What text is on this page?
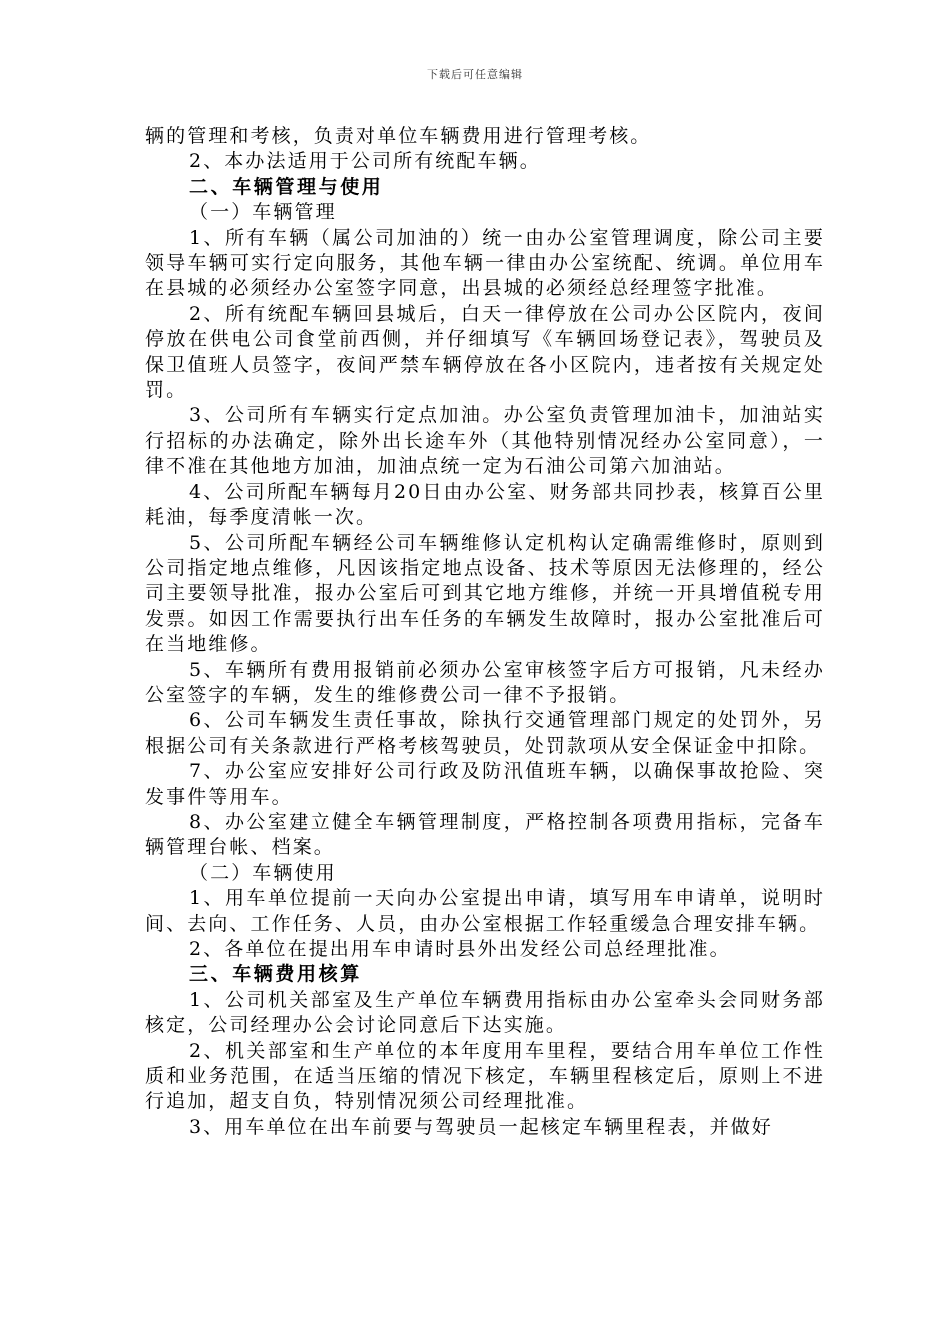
下载后可任意编辑

辆的管理和考核，负责对单位车辆费用进行管理考核。

2、本办法适用于公司所有统配车辆。

二、车辆管理与使用

（一）车辆管理

1、所有车辆（属公司加油的）统一由办公室管理调度，除公司主要领导车辆可实行定向服务，其他车辆一律由办公室统配、统调。单位用车在县城的必须经办公室签字同意，出县城的必须经总经理签字批准。

2、所有统配车辆回县城后，白天一律停放在公司办公区院内，夜间停放在供电公司食堂前西侧，并仔细填写《车辆回场登记表》，驾驶员及保卫值班人员签字，夜间严禁车辆停放在各小区院内，违者按有关规定处罚。

3、公司所有车辆实行定点加油。办公室负责管理加油卡，加油站实行招标的办法确定，除外出长途车外（其他特别情况经办公室同意），一律不准在其他地方加油，加油点统一定为石油公司第六加油站。

4、公司所配车辆每月20日由办公室、财务部共同抄表，核算百公里耗油，每季度清帐一次。

5、公司所配车辆经公司车辆维修认定机构认定确需维修时，原则到公司指定地点维修，凡因该指定地点设备、技术等原因无法修理的，经公司主要领导批准，报办公室后可到其它地方维修，并统一开具增值税专用发票。如因工作需要执行出车任务的车辆发生故障时，报办公室批准后可在当地维修。

5、车辆所有费用报销前必须办公室审核签字后方可报销，凡未经办公室签字的车辆，发生的维修费公司一律不予报销。

6、公司车辆发生责任事故，除执行交通管理部门规定的处罚外，另根据公司有关条款进行严格考核驾驶员，处罚款项从安全保证金中扣除。

7、办公室应安排好公司行政及防汛值班车辆，以确保事故抢险、突发事件等用车。

8、办公室建立健全车辆管理制度，严格控制各项费用指标，完备车辆管理台帐、档案。

（二）车辆使用

1、用车单位提前一天向办公室提出申请，填写用车申请单，说明时间、去向、工作任务、人员，由办公室根据工作轻重缓急合理安排车辆。

2、各单位在提出用车申请时县外出发经公司总经理批准。

三、车辆费用核算

1、公司机关部室及生产单位车辆费用指标由办公室牵头会同财务部核定，公司经理办公会讨论同意后下达实施。

2、机关部室和生产单位的本年度用车里程，要结合用车单位工作性质和业务范围，在适当压缩的情况下核定，车辆里程核定后，原则上不进行追加，超支自负，特别情况须公司经理批准。

3、用车单位在出车前要与驾驶员一起核定车辆里程表，并做好
